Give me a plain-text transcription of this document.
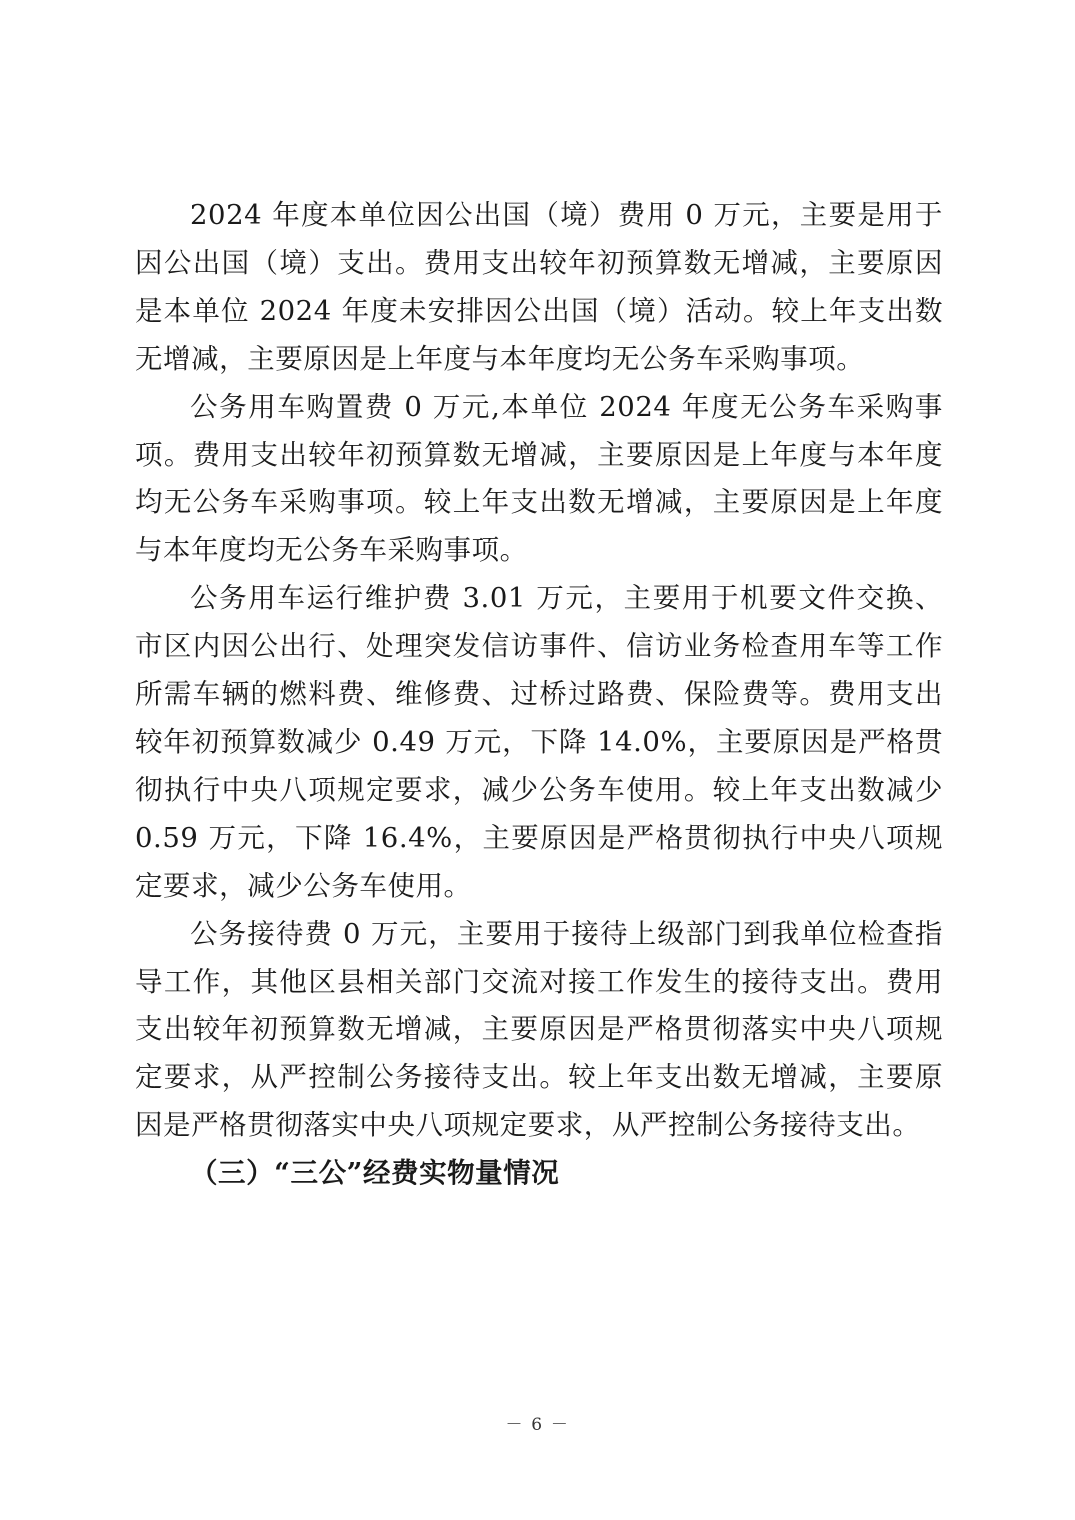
2024 年度本单位因公出国（境）费用 0 万元，主要是用于因公出国（境）支出。费用支出较年初预算数无增减，主要原因是本单位 2024 年度未安排因公出国（境）活动。较上年支出数无增减，主要原因是上年度与本年度均无公务车采购事项。

公务用车购置费 0 万元,本单位 2024 年度无公务车采购事项。费用支出较年初预算数无增减，主要原因是上年度与本年度均无公务车采购事项。较上年支出数无增减，主要原因是上年度与本年度均无公务车采购事项。

公务用车运行维护费 3.01 万元，主要用于机要文件交换、市区内因公出行、处理突发信访事件、信访业务检查用车等工作所需车辆的燃料费、维修费、过桥过路费、保险费等。费用支出较年初预算数减少 0.49 万元，下降 14.0%，主要原因是严格贯彻执行中央八项规定要求，减少公务车使用。较上年支出数减少 0.59 万元，下降 16.4%，主要原因是严格贯彻执行中央八项规定要求，减少公务车使用。

公务接待费 0 万元，主要用于接待上级部门到我单位检查指导工作，其他区县相关部门交流对接工作发生的接待支出。费用支出较年初预算数无增减，主要原因是严格贯彻落实中央八项规定要求，从严控制公务接待支出。较上年支出数无增减，主要原因是严格贯彻落实中央八项规定要求，从严控制公务接待支出。

（三）“三公”经费实物量情况

－ 6 －
